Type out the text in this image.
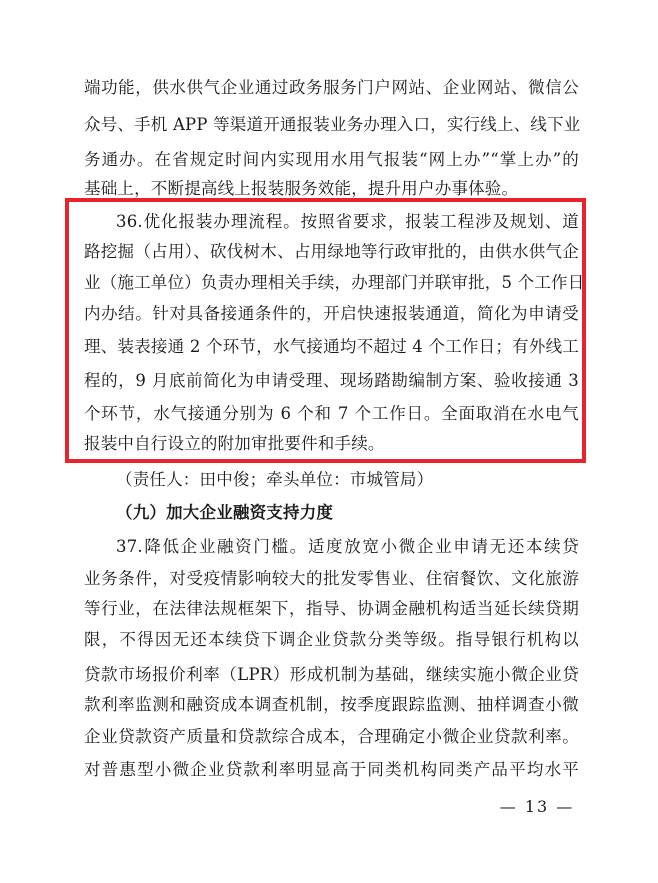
端功能，供水供气企业通过政务服务门户网站、企业网站、微信公
众号、手机 APP 等渠道开通报装业务办理入口，实行线上、线下业
务通办。在省规定时间内实现用水用气报装“网上办”“掌上办”的
基础上，不断提高线上报装服务效能，提升用户办事体验。
36.优化报装办理流程。按照省要求，报装工程涉及规划、道
路挖掘（占用）、砍伐树木、占用绿地等行政审批的，由供水供气企
业（施工单位）负责办理相关手续，办理部门并联审批，5 个工作日
内办结。针对具备接通条件的，开启快速报装通道，简化为申请受
理、装表接通 2 个环节，水气接通均不超过 4 个工作日；有外线工
程的，9 月底前简化为申请受理、现场踏勘编制方案、验收接通 3
个环节，水气接通分别为 6 个和 7 个工作日。全面取消在水电气
报装中自行设立的附加审批要件和手续。
（责任人：田中俊；牵头单位：市城管局）
（九）加大企业融资支持力度
37.降低企业融资门槛。适度放宽小微企业申请无还本续贷
业务条件，对受疫情影响较大的批发零售业、住宿餐饮、文化旅游
等行业，在法律法规框架下，指导、协调金融机构适当延长续贷期
限，不得因无还本续贷下调企业贷款分类等级。指导银行机构以
贷款市场报价利率（LPR）形成机制为基础，继续实施小微企业贷
款利率监测和融资成本调查机制，按季度跟踪监测、抽样调查小微
企业贷款资产质量和贷款综合成本，合理确定小微企业贷款利率。
对普惠型小微企业贷款利率明显高于同类机构同类产品平均水平
— 13 —
